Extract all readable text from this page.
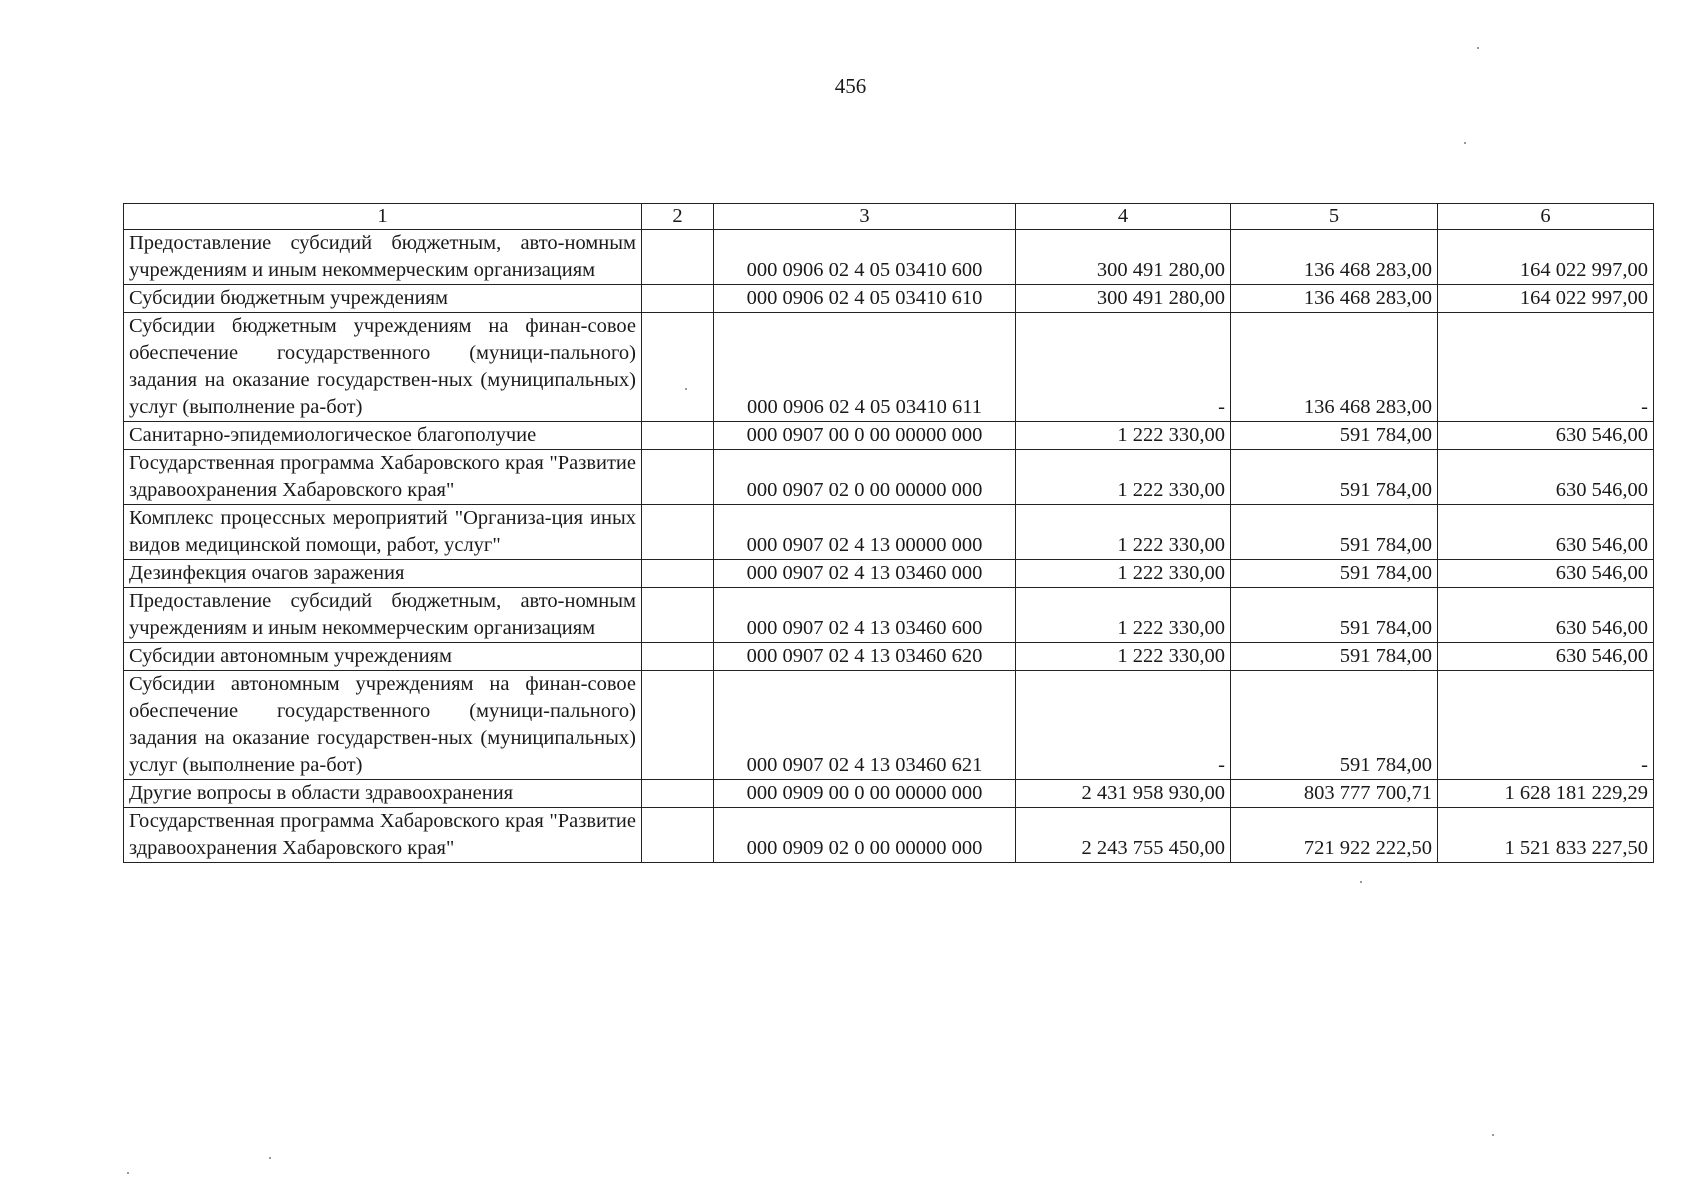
456
1	2	3	4	5	6
Предоставление субсидий бюджетным, авто-номным учреждениям и иным некоммерческим организациям		000 0906 02 4 05 03410 600	300 491 280,00	136 468 283,00	164 022 997,00
Субсидии бюджетным учреждениям		000 0906 02 4 05 03410 610	300 491 280,00	136 468 283,00	164 022 997,00
Субсидии бюджетным учреждениям на финан-совое обеспечение государственного (муници-пального) задания на оказание государствен-ных (муниципальных) услуг (выполнение ра-бот)		000 0906 02 4 05 03410 611	-	136 468 283,00	-
Санитарно-эпидемиологическое благополучие		000 0907 00 0 00 00000 000	1 222 330,00	591 784,00	630 546,00
Государственная программа Хабаровского края "Развитие здравоохранения Хабаровского края"		000 0907 02 0 00 00000 000	1 222 330,00	591 784,00	630 546,00
Комплекс процессных мероприятий "Организа-ция иных видов медицинской помощи, работ, услуг"		000 0907 02 4 13 00000 000	1 222 330,00	591 784,00	630 546,00
Дезинфекция очагов заражения		000 0907 02 4 13 03460 000	1 222 330,00	591 784,00	630 546,00
Предоставление субсидий бюджетным, авто-номным учреждениям и иным некоммерческим организациям		000 0907 02 4 13 03460 600	1 222 330,00	591 784,00	630 546,00
Субсидии автономным учреждениям		000 0907 02 4 13 03460 620	1 222 330,00	591 784,00	630 546,00
Субсидии автономным учреждениям на финан-совое обеспечение государственного (муници-пального) задания на оказание государствен-ных (муниципальных) услуг (выполнение ра-бот)		000 0907 02 4 13 03460 621	-	591 784,00	-
Другие вопросы в области здравоохранения		000 0909 00 0 00 00000 000	2 431 958 930,00	803 777 700,71	1 628 181 229,29
Государственная программа Хабаровского края "Развитие здравоохранения Хабаровского края"		000 0909 02 0 00 00000 000	2 243 755 450,00	721 922 222,50	1 521 833 227,50
